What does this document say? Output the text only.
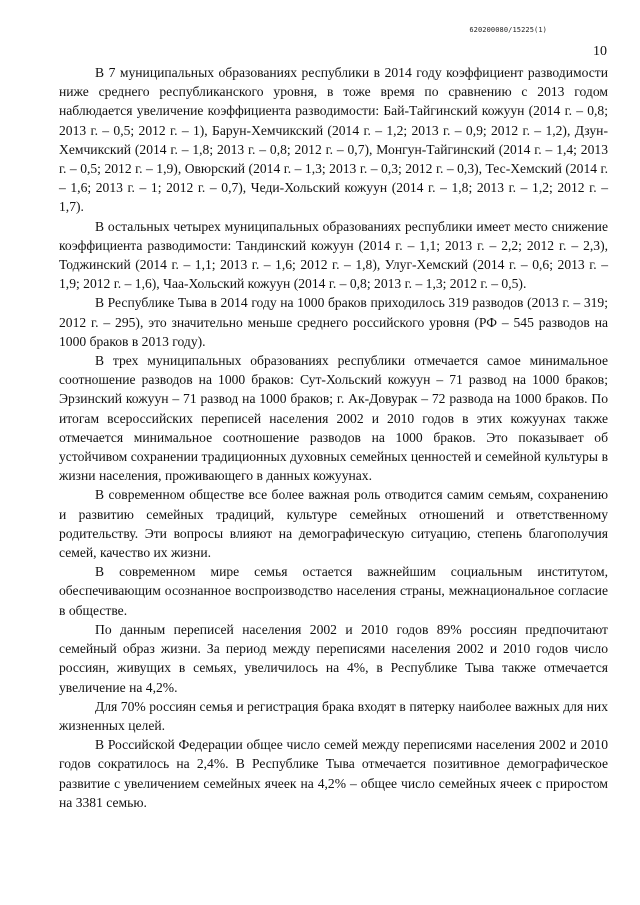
620200080/15225(1)
10

В 7 муниципальных образованиях республики в 2014 году коэффициент разводимости ниже среднего республиканского уровня, в тоже время по сравнению с 2013 годом наблюдается увеличение коэффициента разводимости: Бай-Тайгинский кожуун (2014 г. – 0,8; 2013 г. – 0,5; 2012 г. – 1), Барун-Хемчикский (2014 г. – 1,2; 2013 г. – 0,9; 2012 г. – 1,2), Дзун-Хемчикский (2014 г. – 1,8; 2013 г. – 0,8; 2012 г. – 0,7), Монгун-Тайгинский (2014 г. – 1,4; 2013 г. – 0,5; 2012 г. – 1,9), Овюрский (2014 г. – 1,3; 2013 г. – 0,3; 2012 г. – 0,3), Тес-Хемский (2014 г. – 1,6; 2013 г. – 1; 2012 г. – 0,7), Чеди-Хольский кожуун (2014 г. – 1,8; 2013 г. – 1,2; 2012 г. – 1,7).

В остальных четырех муниципальных образованиях республики имеет место снижение коэффициента разводимости: Тандинский кожуун (2014 г. – 1,1; 2013 г. – 2,2; 2012 г. – 2,3), Тоджинский (2014 г. – 1,1; 2013 г. – 1,6; 2012 г. – 1,8), Улуг-Хемский (2014 г. – 0,6; 2013 г. – 1,9; 2012 г. – 1,6), Чаа-Хольский кожуун (2014 г. – 0,8; 2013 г. – 1,3; 2012 г. – 0,5).

В Республике Тыва в 2014 году на 1000 браков приходилось 319 разводов (2013 г. – 319; 2012 г. – 295), это значительно меньше среднего российского уровня (РФ – 545 разводов на 1000 браков в 2013 году).

В трех муниципальных образованиях республики отмечается самое минимальное соотношение разводов на 1000 браков: Сут-Хольский кожуун – 71 развод на 1000 браков; Эрзинский кожуун – 71 развод на 1000 браков; г. Ак-Довурак – 72 развода на 1000 браков. По итогам всероссийских переписей населения 2002 и 2010 годов в этих кожуунах также отмечается минимальное соотношение разводов на 1000 браков. Это показывает об устойчивом сохранении традиционных духовных семейных ценностей и семейной культуры в жизни населения, проживающего в данных кожуунах.

В современном обществе все более важная роль отводится самим семьям, сохранению и развитию семейных традиций, культуре семейных отношений и ответственному родительству. Эти вопросы влияют на демографическую ситуацию, степень благополучия семей, качество их жизни.

В современном мире семья остается важнейшим социальным институтом, обеспечивающим осознанное воспроизводство населения страны, межнациональное согласие в обществе.

По данным переписей населения 2002 и 2010 годов 89% россиян предпочитают семейный образ жизни. За период между переписями населения 2002 и 2010 годов число россиян, живущих в семьях, увеличилось на 4%, в Республике Тыва также отмечается увеличение на 4,2%.

Для 70% россиян семья и регистрация брака входят в пятерку наиболее важных для них жизненных целей.

В Российской Федерации общее число семей между переписями населения 2002 и 2010 годов сократилось на 2,4%. В Республике Тыва отмечается позитивное демографическое развитие с увеличением семейных ячеек на 4,2% – общее число семейных ячеек с приростом на 3381 семью.
